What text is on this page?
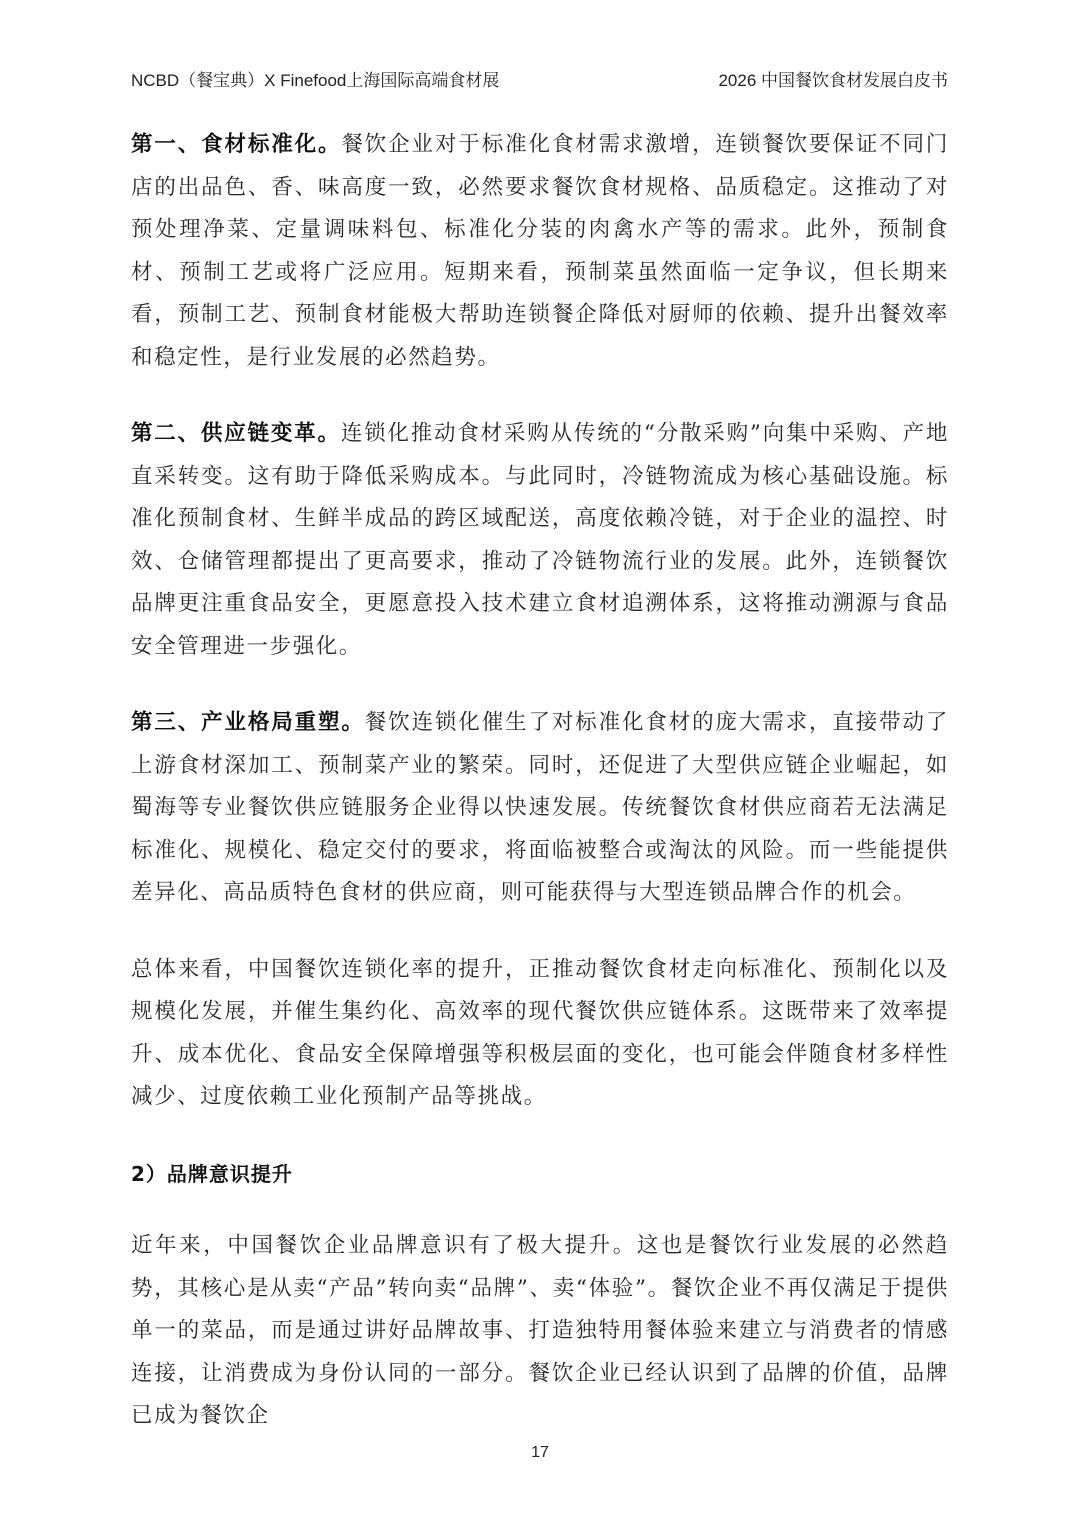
NCBD（餐宝典）X Finefood上海国际高端食材展	2026 中国餐饮食材发展白皮书

第一、食材标准化。餐饮企业对于标准化食材需求激增，连锁餐饮要保证不同门店的出品色、香、味高度一致，必然要求餐饮食材规格、品质稳定。这推动了对预处理净菜、定量调味料包、标准化分装的肉禽水产等的需求。此外，预制食材、预制工艺或将广泛应用。短期来看，预制菜虽然面临一定争议，但长期来看，预制工艺、预制食材能极大帮助连锁餐企降低对厨师的依赖、提升出餐效率和稳定性，是行业发展的必然趋势。

第二、供应链变革。连锁化推动食材采购从传统的“分散采购”向集中采购、产地直采转变。这有助于降低采购成本。与此同时，冷链物流成为核心基础设施。标准化预制食材、生鲜半成品的跨区域配送，高度依赖冷链，对于企业的温控、时效、仓储管理都提出了更高要求，推动了冷链物流行业的发展。此外，连锁餐饮品牌更注重食品安全，更愿意投入技术建立食材追溯体系，这将推动溯源与食品安全管理进一步强化。

第三、产业格局重塑。餐饮连锁化催生了对标准化食材的庞大需求，直接带动了上游食材深加工、预制菜产业的繁荣。同时，还促进了大型供应链企业崛起，如蜀海等专业餐饮供应链服务企业得以快速发展。传统餐饮食材供应商若无法满足标准化、规模化、稳定交付的要求，将面临被整合或淘汰的风险。而一些能提供差异化、高品质特色食材的供应商，则可能获得与大型连锁品牌合作的机会。

总体来看，中国餐饮连锁化率的提升，正推动餐饮食材走向标准化、预制化以及规模化发展，并催生集约化、高效率的现代餐饮供应链体系。这既带来了效率提升、成本优化、食品安全保障增强等积极层面的变化，也可能会伴随食材多样性减少、过度依赖工业化预制产品等挑战。

2）品牌意识提升

近年来，中国餐饮企业品牌意识有了极大提升。这也是餐饮行业发展的必然趋势，其核心是从卖“产品”转向卖“品牌”、卖“体验”。餐饮企业不再仅满足于提供单一的菜品，而是通过讲好品牌故事、打造独特用餐体验来建立与消费者的情感连接，让消费成为身份认同的一部分。餐饮企业已经认识到了品牌的价值，品牌已成为餐饮企

17
